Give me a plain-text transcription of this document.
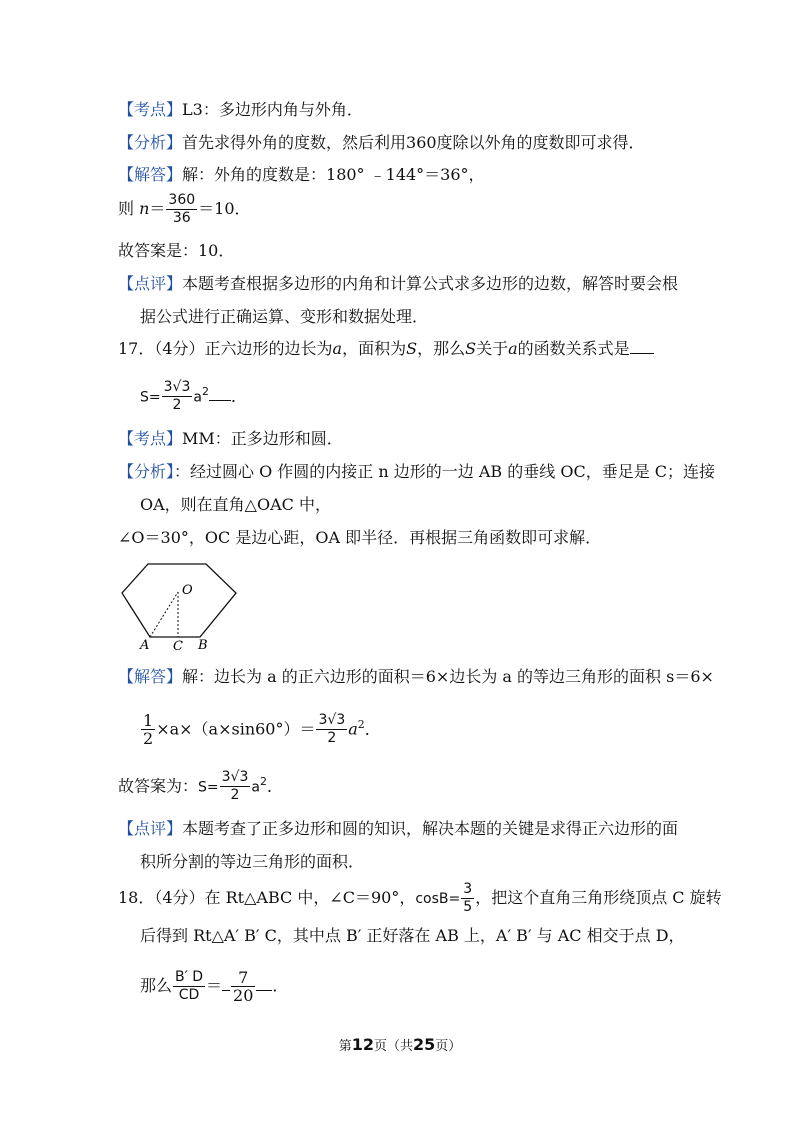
【考点】L3：多边形内角与外角．
【分析】首先求得外角的度数，然后利用360度除以外角的度数即可求得．
【解答】解：外角的度数是：180° ﹣144°＝36°，
则 $n= \frac{360}{36} =10$．
故答案是：10．
【点评】本题考查根据多边形的内角和计算公式求多边形的边数，解答时要会根
据公式进行正确运算、变形和数据处理．
17．（4分）正六边形的边长为a，面积为S，那么S关于a的函数关系式是
$S= \frac{3√3}{2} a^2$ ．
【考点】MM：正多边形和圆．
【分析】：经过圆心 O 作圆的内接正 n 边形的一边 AB 的垂线 OC，垂足是 C；连接
OA，则在直角△OAC 中，
∠O＝30°，OC 是边心距，OA 即半径．再根据三角函数即可求解．
O
A C B
【解答】解：边长为 a 的正六边形的面积＝6×边长为 a 的等边三角形的面积 s＝6×
$\frac{1}{2} \times a\times(a\times\sin 60^\circ)= \frac{3√3}{2} a^2$．
故答案为：$S= \frac{3√3}{2} a^2$．
【点评】本题考查了正多边形和圆的知识，解决本题的关键是求得正六边形的面
积所分割的等边三角形的面积．
18．（4分）在 Rt△ABC 中，∠C＝90°，$\cos B= \frac{3}{5}$ ，把这个直角三角形绕顶点 C 旋转
后得到 Rt△A′ B′ C，其中点 B′ 正好落在 AB 上，A′ B′ 与 AC 相交于点 D，
那么 $\frac{B' D}{CD} = \frac{7}{20}$ ．
第12页（共25页）
